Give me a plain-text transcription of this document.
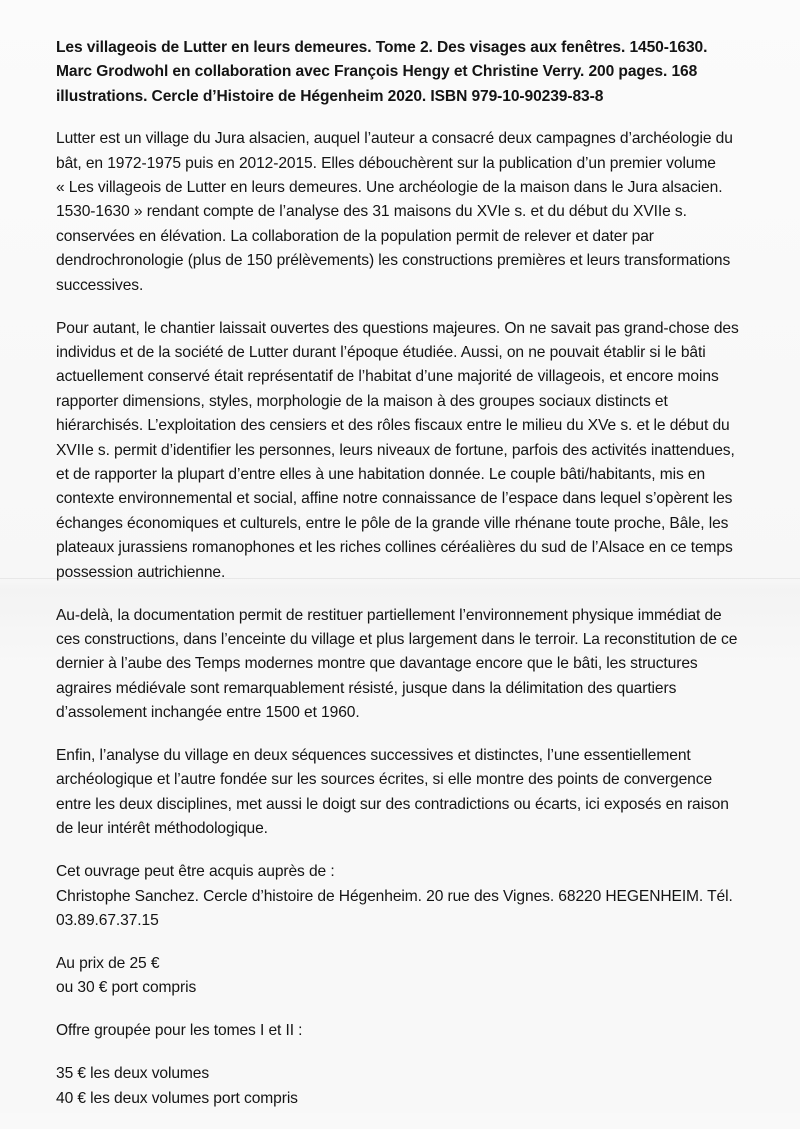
Les villageois de Lutter en leurs demeures. Tome 2. Des visages aux fenêtres. 1450-1630.
Marc Grodwohl en collaboration avec François Hengy et Christine Verry. 200 pages. 168
illustrations. Cercle d’Histoire de Hégenheim 2020. ISBN 979-10-90239-83-8
Lutter est un village du Jura alsacien, auquel l’auteur a consacré deux campagnes d’archéologie du
bât, en 1972-1975 puis en 2012-2015. Elles débouchèrent sur la publication d’un premier volume
« Les villageois de Lutter en leurs demeures. Une archéologie de la maison dans le Jura alsacien.
1530-1630 » rendant compte de l’analyse des 31 maisons du XVIe s. et du début du XVIIe s.
conservées en élévation. La collaboration de la population permit de relever et dater par
dendrochronologie (plus de 150 prélèvements) les constructions premières et leurs transformations
successives.
Pour autant, le chantier laissait ouvertes des questions majeures. On ne savait pas grand-chose des
individus et de la société de Lutter durant l’époque étudiée. Aussi, on ne pouvait établir si le bâti
actuellement conservé était représentatif de l’habitat d’une majorité de villageois, et encore moins
rapporter dimensions, styles, morphologie de la maison à des groupes sociaux distincts et
hiérarchisés. L’exploitation des censiers et des rôles fiscaux entre le milieu du XVe s. et le début du
XVIIe s. permit d’identifier les personnes, leurs niveaux de fortune, parfois des activités inattendues,
et de rapporter la plupart d’entre elles à une habitation donnée. Le couple bâti/habitants, mis en
contexte environnemental et social, affine notre connaissance de l’espace dans lequel s’opèrent les
échanges économiques et culturels, entre le pôle de la grande ville rhénane toute proche, Bâle, les
plateaux jurassiens romanophones et les riches collines céréalières du sud de l’Alsace en ce temps
possession autrichienne.
Au-delà, la documentation permit de restituer partiellement l’environnement physique immédiat de
ces constructions, dans l’enceinte du village et plus largement dans le terroir. La reconstitution de ce
dernier à l’aube des Temps modernes montre que davantage encore que le bâti, les structures
agraires médiévale sont remarquablement résisté, jusque dans la délimitation des quartiers
d’assolement inchangée entre 1500 et 1960.
Enfin, l’analyse du village en deux séquences successives et distinctes, l’une essentiellement
archéologique et l’autre fondée sur les sources écrites, si elle montre des points de convergence
entre les deux disciplines, met aussi le doigt sur des contradictions ou écarts, ici exposés en raison
de leur intérêt méthodologique.
Cet ouvrage peut être acquis auprès de :
Christophe Sanchez. Cercle d’histoire de Hégenheim. 20 rue des Vignes. 68220 HEGENHEIM. Tél.
03.89.67.37.15
Au prix de 25 €
ou 30 € port compris
Offre groupée pour les tomes I et II :
35 € les deux volumes
40 € les deux volumes port compris
